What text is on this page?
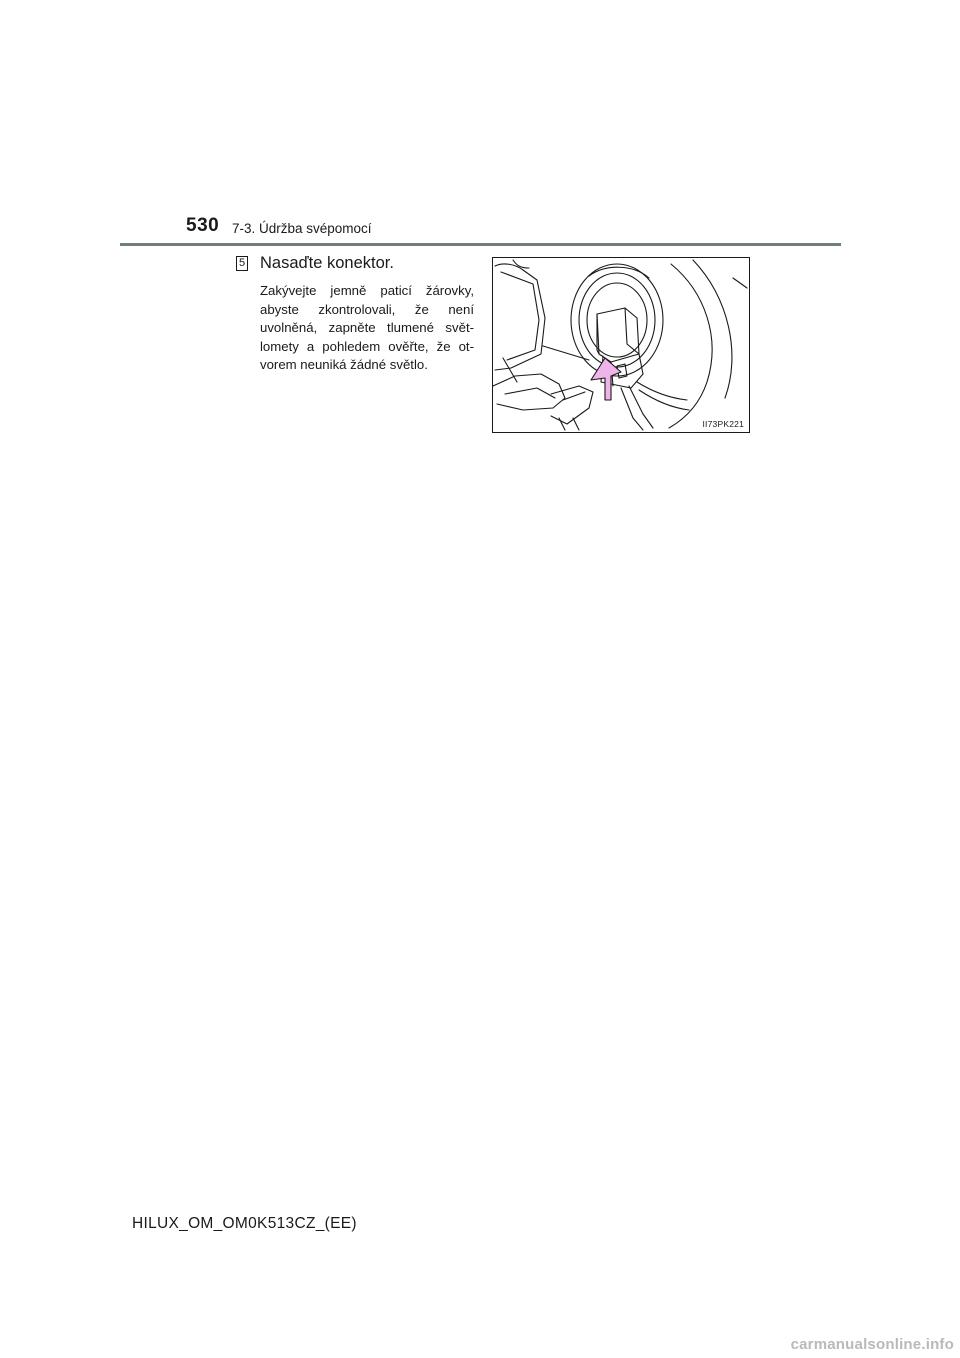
530 7-3. Údržba svépomocí
5 Nasaďte konektor.
Zakývejte jemně paticí žárovky, abyste zkontrolovali, že není uvolněná, zapněte tlumené svět-lomety a pohledem ověřte, že ot-vorem neuniká žádné světlo.
II73PK221
HILUX_OM_OM0K513CZ_(EE)
carmanualsonline.info
